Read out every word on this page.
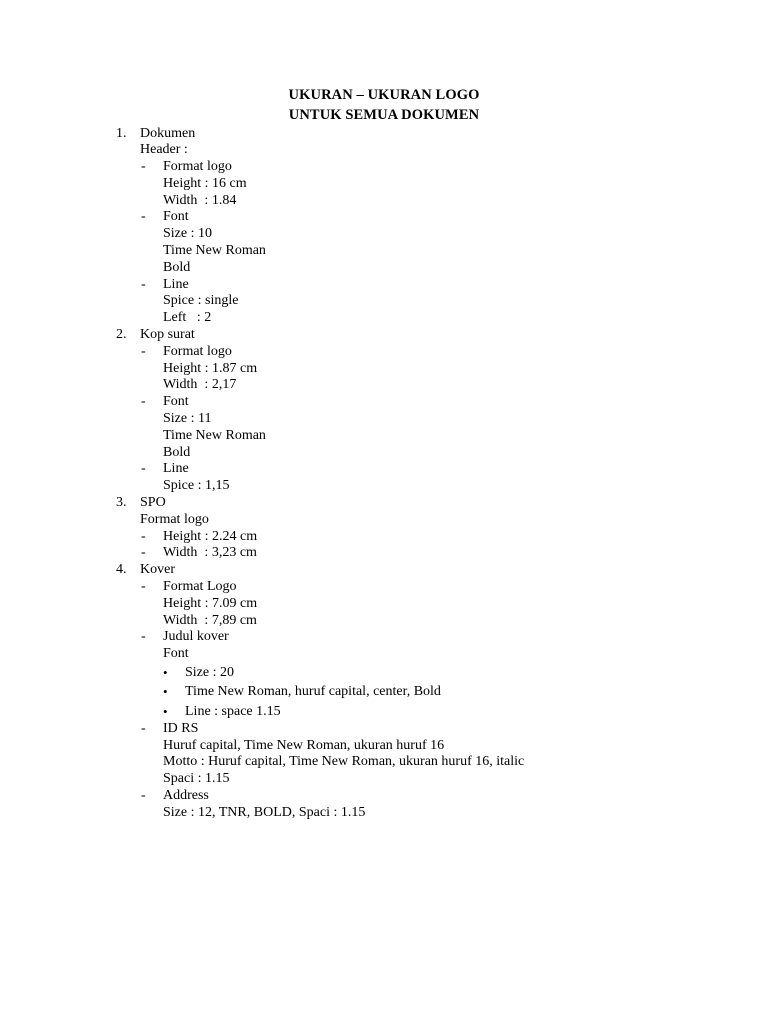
UKURAN – UKURAN LOGO
UNTUK SEMUA DOKUMEN
1. Dokumen
Header :
- Format logo
Height : 16 cm
Width  : 1.84
- Font
Size : 10
Time New Roman
Bold
- Line
Spice : single
Left   : 2
2. Kop surat
- Format logo
Height : 1.87 cm
Width  : 2,17
- Font
Size : 11
Time New Roman
Bold
- Line
Spice : 1,15
3. SPO
Format logo
- Height : 2.24 cm
- Width  : 3,23 cm
4. Kover
- Format Logo
Height : 7.09 cm
Width  : 7,89 cm
- Judul kover
Font
• Size : 20
• Time New Roman, huruf capital, center, Bold
• Line : space 1.15
- ID RS
Huruf capital, Time New Roman, ukuran huruf 16
Motto : Huruf capital, Time New Roman, ukuran huruf 16, italic
Spaci : 1.15
- Address
Size : 12, TNR, BOLD, Spaci : 1.15
